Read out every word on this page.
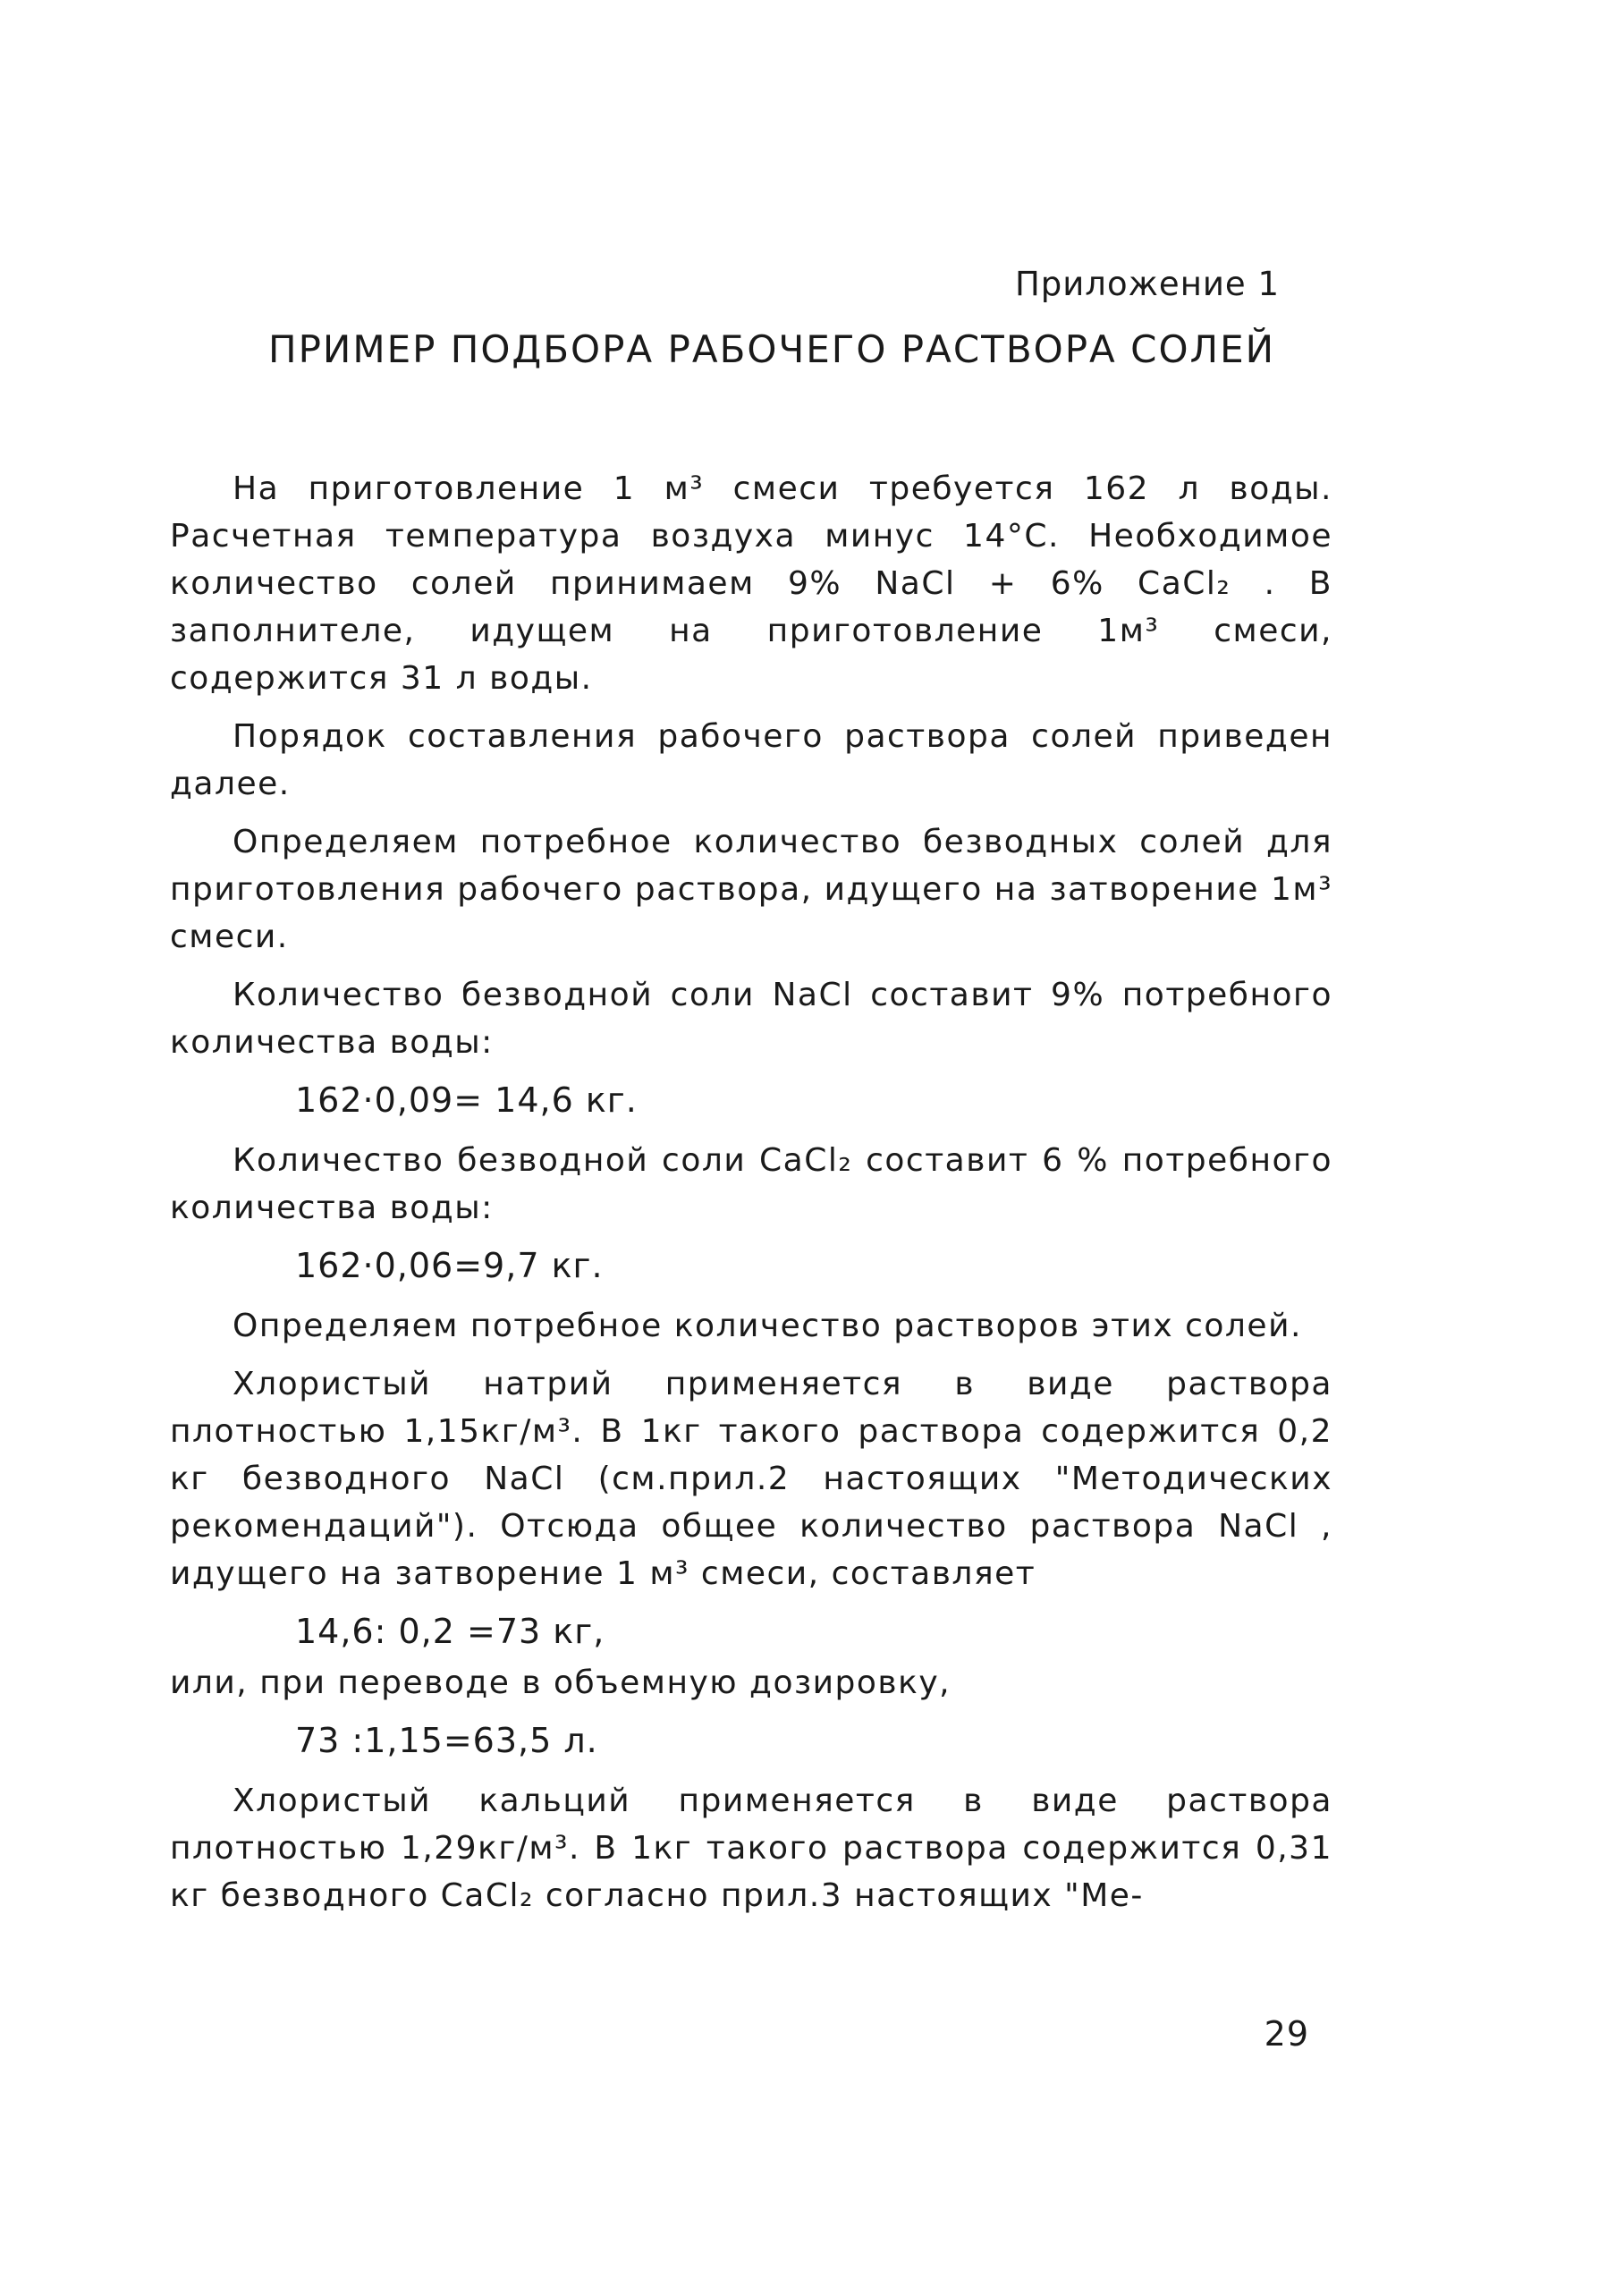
Приложение 1
ПРИМЕР ПОДБОРА РАБОЧЕГО РАСТВОРА СОЛЕЙ

На приготовление 1 м³ смеси требуется 162 л воды. Расчетная температура воздуха минус 14°С. Необходимое количество солей принимаем 9% NaCl + 6% CaCl₂ . В заполнителе, идущем на приготовление 1м³ смеси, содержится 31 л воды.

Порядок составления рабочего раствора солей приведен далее.

Определяем потребное количество безводных солей для приготовления рабочего раствора, идущего на затворение 1м³ смеси.

Количество безводной соли NaCl составит 9% потребного количества воды:

162·0,09= 14,6 кг.

Количество безводной соли CaCl₂ составит 6 % потребного количества воды:

162·0,06=9,7 кг.

Определяем потребное количество растворов этих солей.

Хлористый натрий применяется в виде раствора плотностью 1,15кг/м³. В 1кг такого раствора содержится 0,2 кг безводного NaCl (см.прил.2 настоящих "Методических рекомендаций"). Отсюда общее количество раствора NaCl , идущего на затворение 1 м³ смеси, составляет

14,6: 0,2 =73 кг,

или, при переводе в объемную дозировку,

73 :1,15=63,5 л.

Хлористый кальций применяется в виде раствора плотностью 1,29кг/м³. В 1кг такого раствора содержится 0,31 кг безводного CaCl₂ согласно прил.3 настоящих "Ме-

29
